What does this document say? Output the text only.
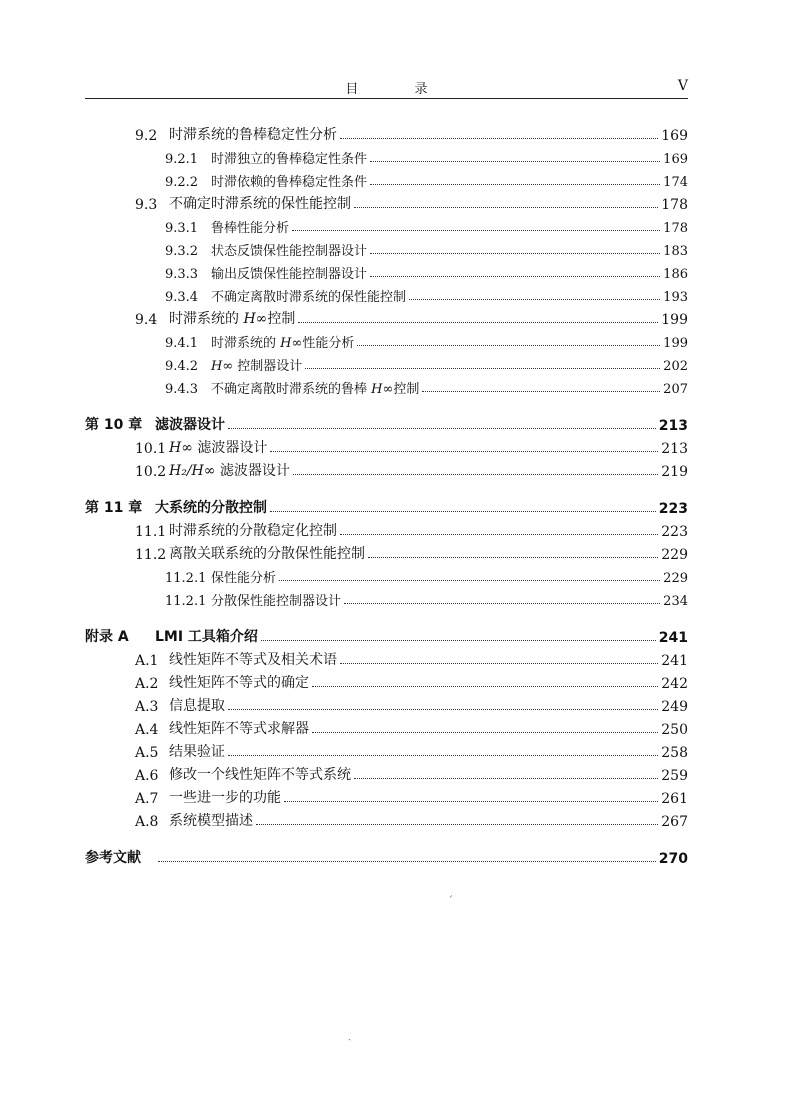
目 录	V
9.2 时滞系统的鲁棒稳定性分析	169
9.2.1 时滞独立的鲁棒稳定性条件	169
9.2.2 时滞依赖的鲁棒稳定性条件	174
9.3 不确定时滞系统的保性能控制	178
9.3.1 鲁棒性能分析	178
9.3.2 状态反馈保性能控制器设计	183
9.3.3 输出反馈保性能控制器设计	186
9.3.4 不确定离散时滞系统的保性能控制	193
9.4 时滞系统的 H∞控制	199
9.4.1 时滞系统的 H∞性能分析	199
9.4.2 H∞ 控制器设计	202
9.4.3 不确定离散时滞系统的鲁棒 H∞控制	207
第 10 章 滤波器设计	213
10.1 H∞ 滤波器设计	213
10.2 H₂/H∞ 滤波器设计	219
第 11 章 大系统的分散控制	223
11.1 时滞系统的分散稳定化控制	223
11.2 离散关联系统的分散保性能控制	229
11.2.1 保性能分析	229
11.2.1 分散保性能控制器设计	234
附录 A	LMI 工具箱介绍	241
A.1 线性矩阵不等式及相关术语	241
A.2 线性矩阵不等式的确定	242
A.3 信息提取	249
A.4 线性矩阵不等式求解器	250
A.5 结果验证	258
A.6 修改一个线性矩阵不等式系统	259
A.7 一些进一步的功能	261
A.8 系统模型描述	267
参考文献	270
´
ˎ
